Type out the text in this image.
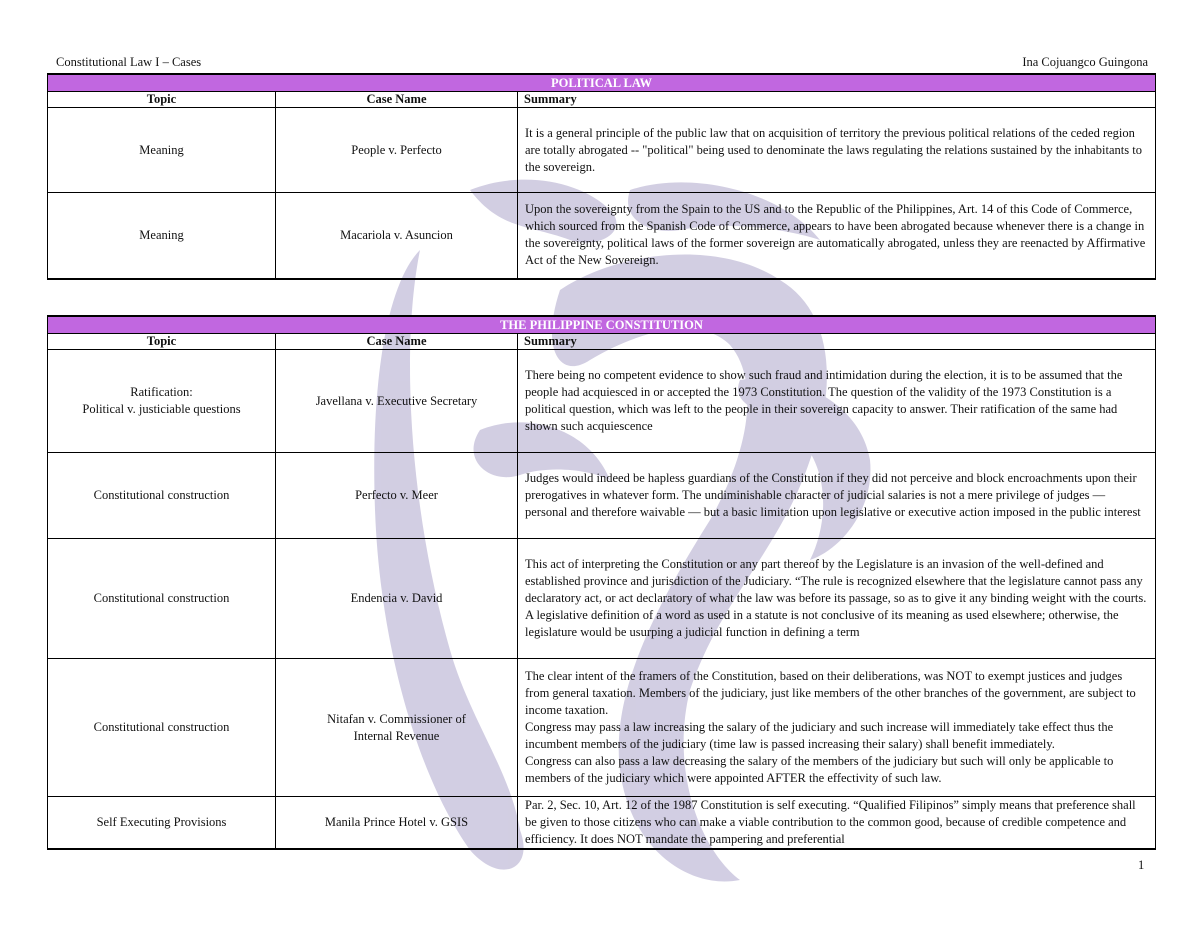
Constitutional Law I – Cases	Ina Cojuangco Guingona
POLITICAL LAW		
Topic	Case Name	Summary
Meaning	People v. Perfecto	It is a general principle of the public law that on acquisition of territory the previous political relations of the ceded region are totally abrogated -- "political" being used to denominate the laws regulating the relations sustained by the inhabitants to the sovereign.
Meaning	Macariola v. Asuncion	Upon the sovereignty from the Spain to the US and to the Republic of the Philippines, Art. 14 of this Code of Commerce, which sourced from the Spanish Code of Commerce, appears to have been abrogated because whenever there is a change in the sovereignty, political laws of the former sovereign are automatically abrogated, unless they are reenacted by Affirmative Act of the New Sovereign.
THE PHILIPPINE CONSTITUTION		
Topic	Case Name	Summary

Ratification:
Political v. justiciable questions	Javellana v. Executive Secretary	There being no competent evidence to show such fraud and intimidation during the election, it is to be assumed that the people had acquiesced in or accepted the 1973 Constitution. The question of the validity of the 1973 Constitution is a political question, which was left to the people in their sovereign capacity to answer. Their ratification of the same had shown such acquiescence
Constitutional construction	Perfecto v. Meer	Judges would indeed be hapless guardians of the Constitution if they did not perceive and block encroachments upon their prerogatives in whatever form. The undiminishable character of judicial salaries is not a mere privilege of judges — personal and therefore waivable — but a basic limitation upon legislative or executive action imposed in the public interest
Constitutional construction	Endencia v. David	This act of interpreting the Constitution or any part thereof by the Legislature is an invasion of the well-defined and established province and jurisdiction of the Judiciary. “The rule is recognized elsewhere that the legislature cannot pass any declaratory act, or act declaratory of what the law was before its passage, so as to give it any binding weight with the courts. A legislative definition of a word as used in a statute is not conclusive of its meaning as used elsewhere; otherwise, the legislature would be usurping a judicial function in defining a term
Constitutional construction	Nitafan v. Commissioner of
Internal Revenue	The clear intent of the framers of the Constitution, based on their deliberations, was NOT to exempt justices and judges from general taxation. Members of the judiciary, just like members of the other branches of the government, are subject to income taxation.
Congress may pass a law increasing the salary of the judiciary and such increase will immediately take effect thus the incumbent members of the judiciary (time law is passed increasing their salary) shall benefit immediately.
Congress can also pass a law decreasing the salary of the members of the judiciary but such will only be applicable to members of the judiciary which were appointed AFTER the effectivity of such law.

Self Executing Provisions	Manila Prince Hotel v. GSIS	Par. 2, Sec. 10, Art. 12 of the 1987 Constitution is self executing. “Qualified Filipinos” simply means that preference shall be given to those citizens who can make a viable contribution to the common good, because of credible competence and efficiency. It does NOT mandate the pampering and preferential
1
